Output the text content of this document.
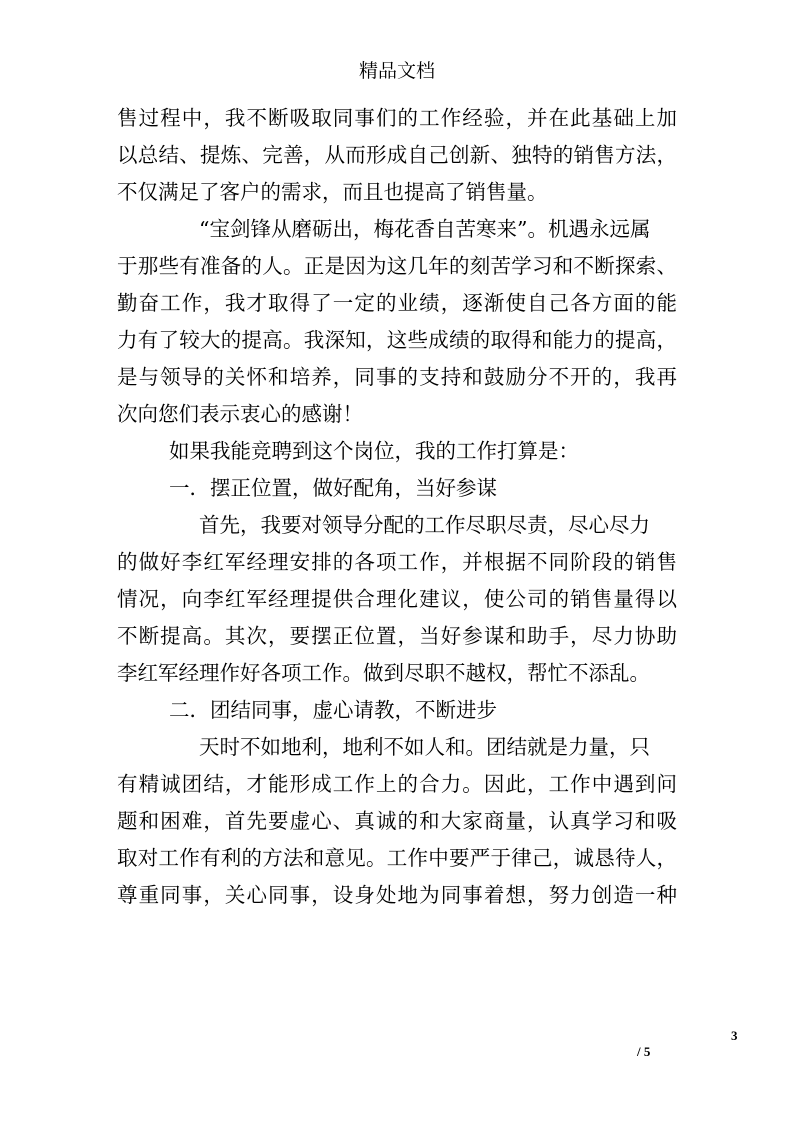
精品文档
售过程中，我不断吸取同事们的工作经验，并在此基础上加
以总结、提炼、完善，从而形成自己创新、独特的销售方法，
不仅满足了客户的需求，而且也提高了销售量。
“宝剑锋从磨砺出，梅花香自苦寒来”。机遇永远属
于那些有准备的人。正是因为这几年的刻苦学习和不断探索、
勤奋工作，我才取得了一定的业绩，逐渐使自己各方面的能
力有了较大的提高。我深知，这些成绩的取得和能力的提高，
是与领导的关怀和培养，同事的支持和鼓励分不开的，我再
次向您们表示衷心的感谢！
如果我能竞聘到这个岗位，我的工作打算是：
一．摆正位置，做好配角，当好参谋
首先，我要对领导分配的工作尽职尽责，尽心尽力
的做好李红军经理安排的各项工作，并根据不同阶段的销售
情况，向李红军经理提供合理化建议，使公司的销售量得以
不断提高。其次，要摆正位置，当好参谋和助手，尽力协助
李红军经理作好各项工作。做到尽职不越权，帮忙不添乱。
二．团结同事，虚心请教，不断进步
天时不如地利，地利不如人和。团结就是力量，只
有精诚团结，才能形成工作上的合力。因此，工作中遇到问
题和困难，首先要虚心、真诚的和大家商量，认真学习和吸
取对工作有利的方法和意见。工作中要严于律己，诚恳待人，
尊重同事，关心同事，设身处地为同事着想，努力创造一种
3
/ 5
